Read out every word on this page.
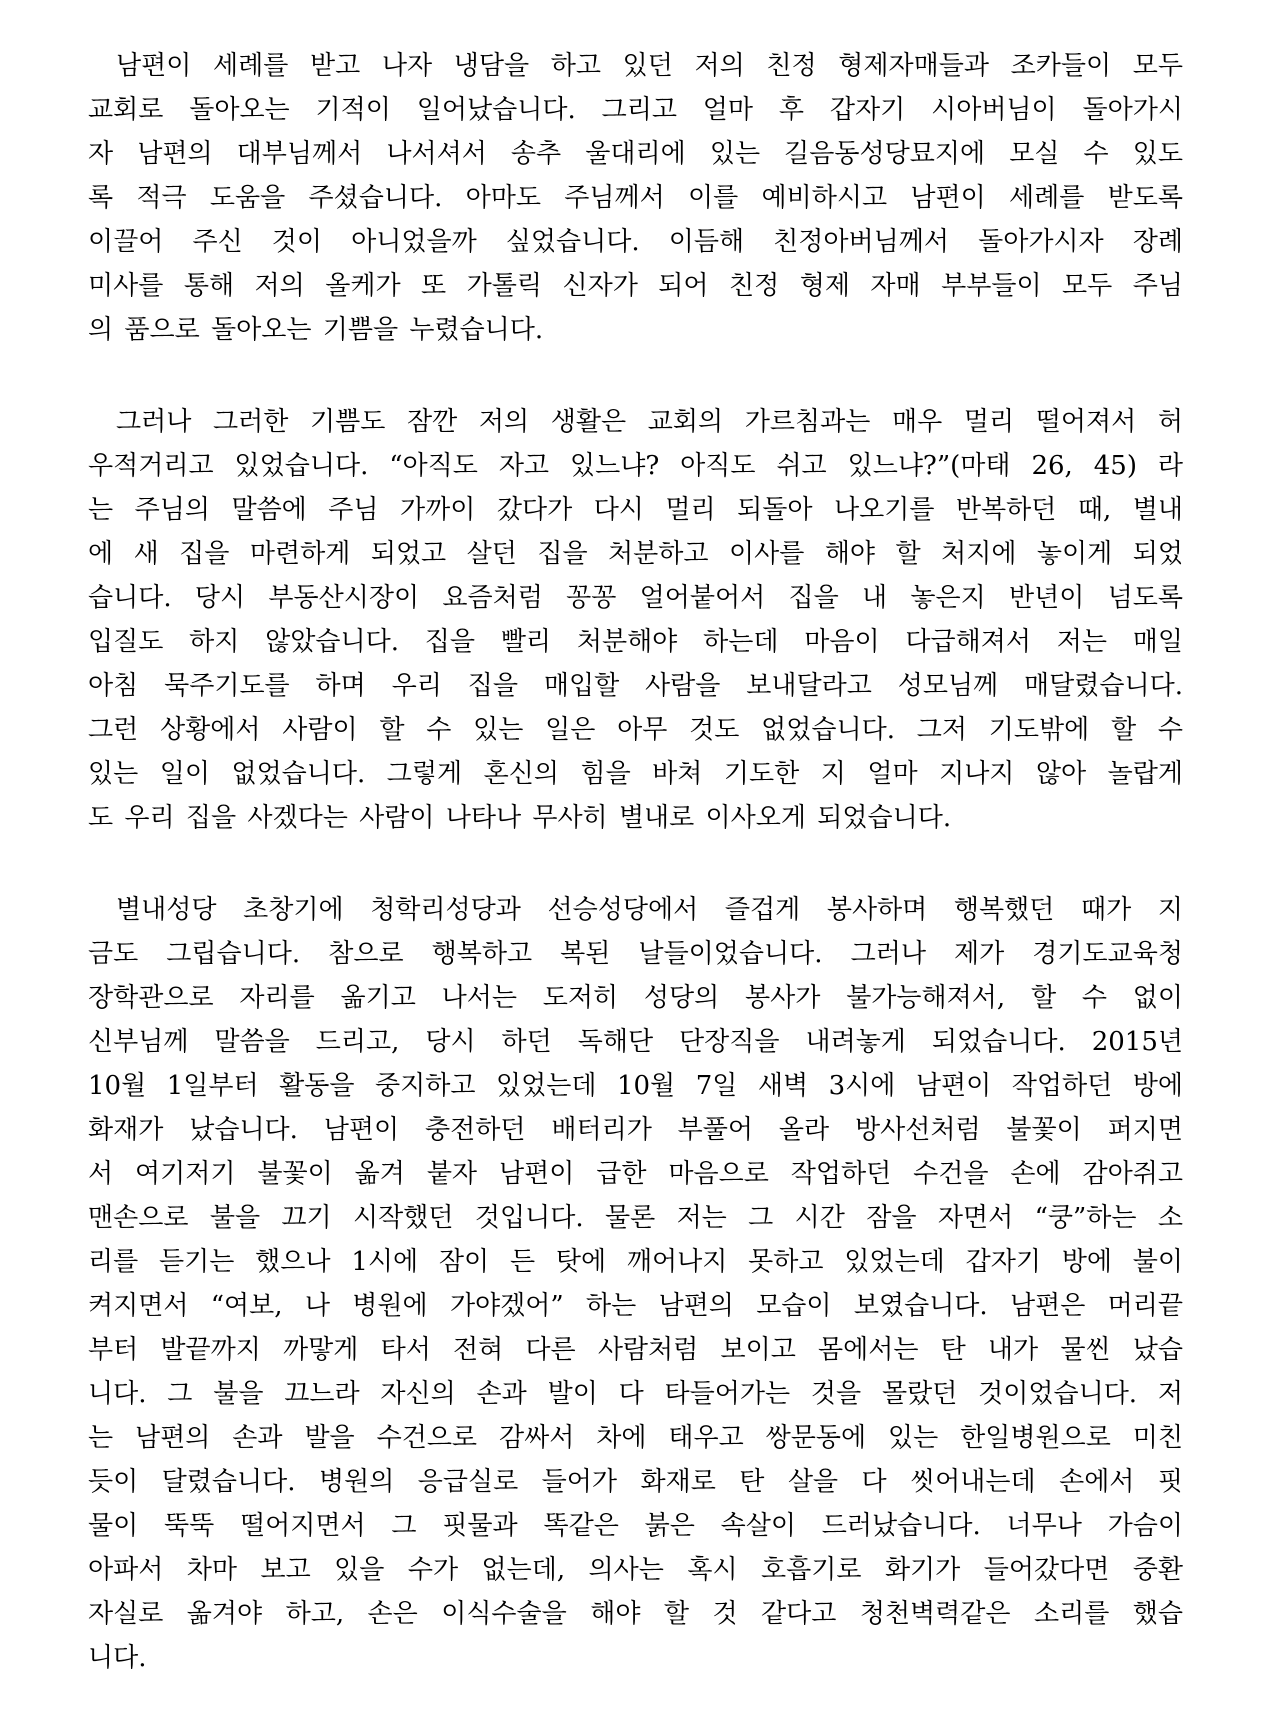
남편이 세례를 받고 나자 냉담을 하고 있던 저의 친정 형제자매들과 조카들이 모두
교회로 돌아오는 기적이 일어났습니다. 그리고 얼마 후 갑자기 시아버님이 돌아가시
자 남편의 대부님께서 나서셔서 송추 울대리에 있는 길음동성당묘지에 모실 수 있도
록 적극 도움을 주셨습니다. 아마도 주님께서 이를 예비하시고 남편이 세례를 받도록
이끌어 주신 것이 아니었을까 싶었습니다. 이듬해 친정아버님께서 돌아가시자 장례
미사를 통해 저의 올케가 또 가톨릭 신자가 되어 친정 형제 자매 부부들이 모두 주님
의 품으로 돌아오는 기쁨을 누렸습니다.

그러나 그러한 기쁨도 잠깐 저의 생활은 교회의 가르침과는 매우 멀리 떨어져서 허
우적거리고 있었습니다. “아직도 자고 있느냐? 아직도 쉬고 있느냐?”(마태 26, 45) 라
는 주님의 말씀에 주님 가까이 갔다가 다시 멀리 되돌아 나오기를 반복하던 때, 별내
에 새 집을 마련하게 되었고 살던 집을 처분하고 이사를 해야 할 처지에 놓이게 되었
습니다. 당시 부동산시장이 요즘처럼 꽁꽁 얼어붙어서 집을 내 놓은지 반년이 넘도록
입질도 하지 않았습니다. 집을 빨리 처분해야 하는데 마음이 다급해져서 저는 매일
아침 묵주기도를 하며 우리 집을 매입할 사람을 보내달라고 성모님께 매달렸습니다.
그런 상황에서 사람이 할 수 있는 일은 아무 것도 없었습니다. 그저 기도밖에 할 수
있는 일이 없었습니다. 그렇게 혼신의 힘을 바쳐 기도한 지 얼마 지나지 않아 놀랍게
도 우리 집을 사겠다는 사람이 나타나 무사히 별내로 이사오게 되었습니다.

별내성당 초창기에 청학리성당과 선승성당에서 즐겁게 봉사하며 행복했던 때가 지
금도 그립습니다. 참으로 행복하고 복된 날들이었습니다. 그러나 제가 경기도교육청
장학관으로 자리를 옮기고 나서는 도저히 성당의 봉사가 불가능해져서, 할 수 없이
신부님께 말씀을 드리고, 당시 하던 독해단 단장직을 내려놓게 되었습니다. 2015년
10월 1일부터 활동을 중지하고 있었는데 10월 7일 새벽 3시에 남편이 작업하던 방에
화재가 났습니다. 남편이 충전하던 배터리가 부풀어 올라 방사선처럼 불꽃이 퍼지면
서 여기저기 불꽃이 옮겨 붙자 남편이 급한 마음으로 작업하던 수건을 손에 감아쥐고
맨손으로 불을 끄기 시작했던 것입니다. 물론 저는 그 시간 잠을 자면서 “쿵”하는 소
리를 듣기는 했으나 1시에 잠이 든 탓에 깨어나지 못하고 있었는데 갑자기 방에 불이
켜지면서 “여보, 나 병원에 가야겠어” 하는 남편의 모습이 보였습니다. 남편은 머리끝
부터 발끝까지 까맣게 타서 전혀 다른 사람처럼 보이고 몸에서는 탄 내가 물씬 났습
니다. 그 불을 끄느라 자신의 손과 발이 다 타들어가는 것을 몰랐던 것이었습니다. 저
는 남편의 손과 발을 수건으로 감싸서 차에 태우고 쌍문동에 있는 한일병원으로 미친
듯이 달렸습니다. 병원의 응급실로 들어가 화재로 탄 살을 다 씻어내는데 손에서 핏
물이 뚝뚝 떨어지면서 그 핏물과 똑같은 붉은 속살이 드러났습니다. 너무나 가슴이
아파서 차마 보고 있을 수가 없는데, 의사는 혹시 호흡기로 화기가 들어갔다면 중환
자실로 옮겨야 하고, 손은 이식수술을 해야 할 것 같다고 청천벽력같은 소리를 했습
니다.
